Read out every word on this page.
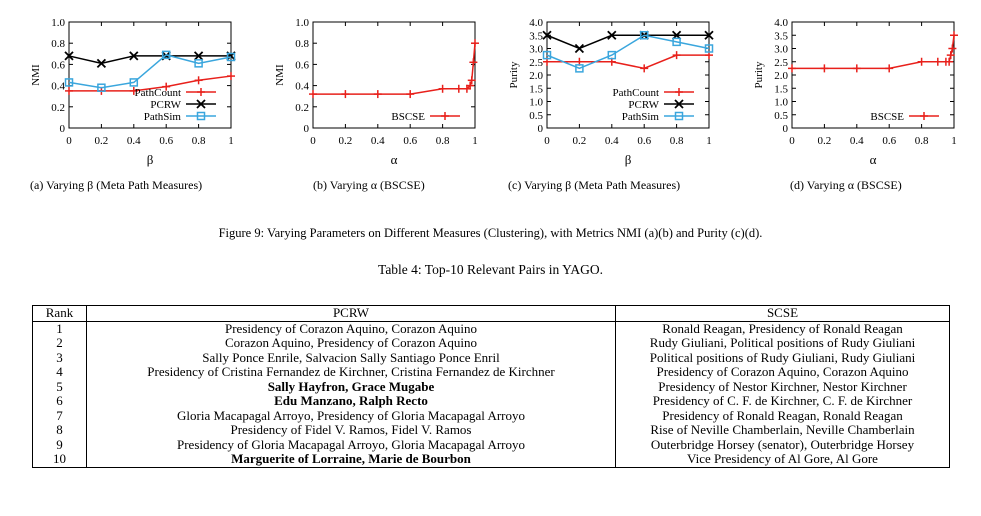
0
0.2
0.4
0.6
0.8
1.0
0 0.2 0.4 0.6 0.8 1
β
NMI
PathCount
PCRW
PathSim
0
0.2
0.4
0.6
0.8
1.0
0 0.2 0.4 0.6 0.8 1
α
NMI
BSCSE
0
0.5
1.0
1.5
2.0
2.5
3.0
3.5
4.0
0 0.2 0.4 0.6 0.8 1
β
Purity
PathCount
PCRW
PathSim
0
0.5
1.0
1.5
2.0
2.5
3.0
3.5
4.0
0 0.2 0.4 0.6 0.8 1
α
Purity
BSCSE
(a) Varying β (Meta Path Measures)	(b) Varying α (BSCSE)	(c) Varying β (Meta Path Measures)	(d) Varying α (BSCSE)
Figure 9: Varying Parameters on Different Measures (Clustering), with Metrics NMI (a)(b) and Purity (c)(d).
Table 4: Top-10 Relevant Pairs in YAGO.
Rank	PCRW	SCSE
1	Presidency of Corazon Aquino, Corazon Aquino	Ronald Reagan, Presidency of Ronald Reagan
2	Corazon Aquino, Presidency of Corazon Aquino	Rudy Giuliani, Political positions of Rudy Giuliani
3	Sally Ponce Enrile, Salvacion Sally Santiago Ponce Enril	Political positions of Rudy Giuliani, Rudy Giuliani
4	Presidency of Cristina Fernandez de Kirchner, Cristina Fernandez de Kirchner	Presidency of Corazon Aquino, Corazon Aquino
5	Sally Hayfron, Grace Mugabe	Presidency of Nestor Kirchner, Nestor Kirchner
6	Edu Manzano, Ralph Recto	Presidency of C. F. de Kirchner, C. F. de Kirchner
7	Gloria Macapagal Arroyo, Presidency of Gloria Macapagal Arroyo	Presidency of Ronald Reagan, Ronald Reagan
8	Presidency of Fidel V. Ramos, Fidel V. Ramos	Rise of Neville Chamberlain, Neville Chamberlain
9	Presidency of Gloria Macapagal Arroyo, Gloria Macapagal Arroyo	Outerbridge Horsey (senator), Outerbridge Horsey
10	Marguerite of Lorraine, Marie de Bourbon	Vice Presidency of Al Gore, Al Gore
